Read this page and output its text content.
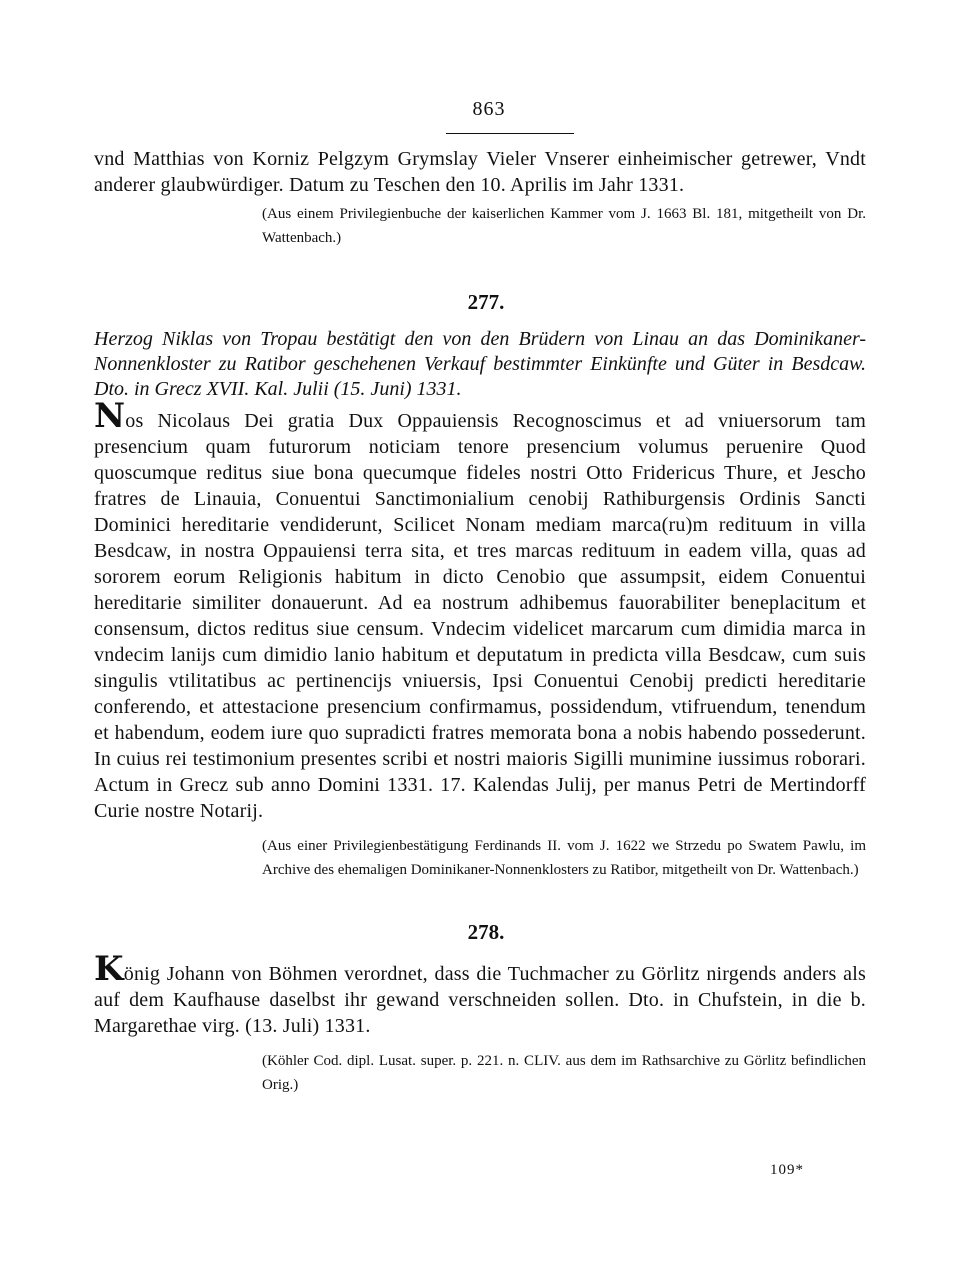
863

vnd Matthias von Korniz Pelgzym Grymslay Vieler Vnserer einheimischer getrewer, Vndt anderer glaubwürdiger. Datum zu Teschen den 10. Aprilis im Jahr 1331.

(Aus einem Privilegienbuche der kaiserlichen Kammer vom J. 1663 Bl. 181, mitgetheilt von Dr. Wattenbach.)

277.

Herzog Niklas von Tropau bestätigt den von den Brüdern von Linau an das Dominikaner-Nonnenkloster zu Ratibor geschehenen Verkauf bestimmter Einkünfte und Güter in Besdcaw. Dto. in Grecz XVII. Kal. Julii (15. Juni) 1331.

Nos Nicolaus Dei gratia Dux Oppauiensis Recognoscimus et ad vniuersorum tam presencium quam futurorum noticiam tenore presencium volumus peruenire Quod quoscumque reditus siue bona quecumque fideles nostri Otto Fridericus Thure, et Jescho fratres de Linauia, Conuentui Sanctimonialium cenobij Rathiburgensis Ordinis Sancti Dominici hereditarie vendiderunt, Scilicet Nonam mediam marca(ru)m redituum in villa Besdcaw, in nostra Oppauiensi terra sita, et tres marcas redituum in eadem villa, quas ad sororem eorum Religionis habitum in dicto Cenobio que assumpsit, eidem Conuentui hereditarie similiter donauerunt. Ad ea nostrum adhibemus fauorabiliter beneplacitum et consensum, dictos reditus siue censum. Vndecim videlicet marcarum cum dimidia marca in vndecim lanijs cum dimidio lanio habitum et deputatum in predicta villa Besdcaw, cum suis singulis vtilitatibus ac pertinencijs vniuersis, Ipsi Conuentui Cenobij predicti hereditarie conferendo, et attestacione presencium confirmamus, possidendum, vtifruendum, tenendum et habendum, eodem iure quo supradicti fratres memorata bona a nobis habendo possederunt. In cuius rei testimonium presentes scribi et nostri maioris Sigilli munimine iussimus roborari. Actum in Grecz sub anno Domini 1331. 17. Kalendas Julij, per manus Petri de Mertindorff Curie nostre Notarij.

(Aus einer Privilegienbestätigung Ferdinands II. vom J. 1622 we Strzedu po Swatem Pawlu, im Archive des ehemaligen Dominikaner-Nonnenklosters zu Ratibor, mitgetheilt von Dr. Wattenbach.)

278.

König Johann von Böhmen verordnet, dass die Tuchmacher zu Görlitz nirgends anders als auf dem Kaufhause daselbst ihr gewand verschneiden sollen. Dto. in Chufstein, in die b. Margarethae virg. (13. Juli) 1331.

(Köhler Cod. dipl. Lusat. super. p. 221. n. CLIV. aus dem im Rathsarchive zu Görlitz befindlichen Orig.)

109*
